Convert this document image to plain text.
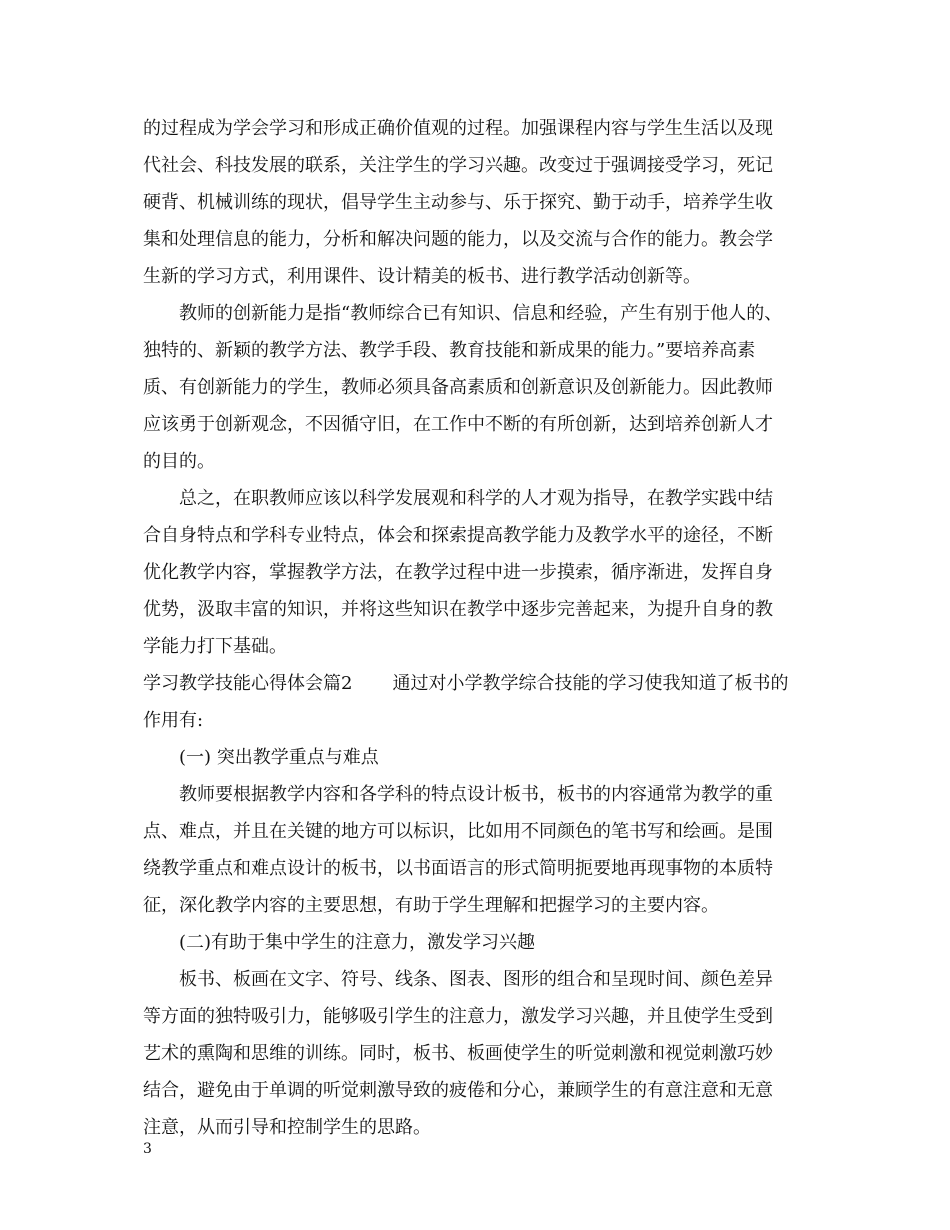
的过程成为学会学习和形成正确价值观的过程。加强课程内容与学生生活以及现
代社会、科技发展的联系，关注学生的学习兴趣。改变过于强调接受学习，死记
硬背、机械训练的现状，倡导学生主动参与、乐于探究、勤于动手，培养学生收
集和处理信息的能力，分析和解决问题的能力，以及交流与合作的能力。教会学
生新的学习方式，利用课件、设计精美的板书、进行教学活动创新等。
教师的创新能力是指“教师综合已有知识、信息和经验，产生有别于他人的、
独特的、新颖的教学方法、教学手段、教育技能和新成果的能力。”要培养高素
质、有创新能力的学生，教师必须具备高素质和创新意识及创新能力。因此教师
应该勇于创新观念，不因循守旧，在工作中不断的有所创新，达到培养创新人才
的目的。
总之，在职教师应该以科学发展观和科学的人才观为指导，在教学实践中结
合自身特点和学科专业特点，体会和探索提高教学能力及教学水平的途径，不断
优化教学内容，掌握教学方法，在教学过程中进一步摸索，循序渐进，发挥自身
优势，汲取丰富的知识，并将这些知识在教学中逐步完善起来，为提升自身的教
学能力打下基础。
学习教学技能心得体会篇2       通过对小学教学综合技能的学习使我知道了板书的
作用有:
(一) 突出教学重点与难点
教师要根据教学内容和各学科的特点设计板书，板书的内容通常为教学的重
点、难点，并且在关键的地方可以标识，比如用不同颜色的笔书写和绘画。是围
绕教学重点和难点设计的板书，以书面语言的形式简明扼要地再现事物的本质特
征，深化教学内容的主要思想，有助于学生理解和把握学习的主要内容。
(二)有助于集中学生的注意力，激发学习兴趣
板书、板画在文字、符号、线条、图表、图形的组合和呈现时间、颜色差异
等方面的独特吸引力，能够吸引学生的注意力，激发学习兴趣，并且使学生受到
艺术的熏陶和思维的训练。同时，板书、板画使学生的听觉刺激和视觉刺激巧妙
结合，避免由于单调的听觉刺激导致的疲倦和分心，兼顾学生的有意注意和无意
注意，从而引导和控制学生的思路。
3
